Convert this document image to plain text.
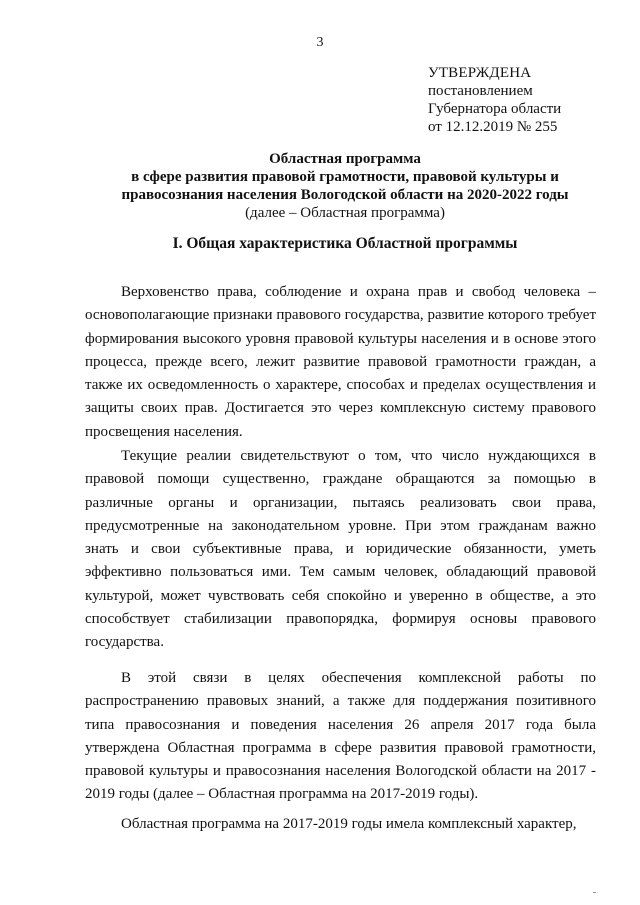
3
УТВЕРЖДЕНА
постановлением
Губернатора области
от 12.12.2019 № 255
Областная программа
в сфере развития правовой грамотности, правовой культуры и
правосознания населения Вологодской области на 2020-2022 годы
(далее – Областная программа)
I. Общая характеристика Областной программы

Верховенство права, соблюдение и охрана прав и свобод человека – основополагающие признаки правового государства, развитие которого требует формирования высокого уровня правовой культуры населения и в основе этого процесса, прежде всего, лежит развитие правовой грамотности граждан, а также их осведомленность о характере, способах и пределах осуществления и защиты своих прав. Достигается это через комплексную систему правового просвещения населения.

Текущие реалии свидетельствуют о том, что число нуждающихся в правовой помощи существенно, граждане обращаются за помощью в различные органы и организации, пытаясь реализовать свои права, предусмотренные на законодательном уровне. При этом гражданам важно знать и свои субъективные права, и юридические обязанности, уметь эффективно пользоваться ими. Тем самым человек, обладающий правовой культурой, может чувствовать себя спокойно и уверенно в обществе, а это способствует стабилизации правопорядка, формируя основы правового государства.

В этой связи в целях обеспечения комплексной работы по распространению правовых знаний, а также для поддержания позитивного типа правосознания и поведения населения 26 апреля 2017 года была утверждена Областная программа в сфере развития правовой грамотности, правовой культуры и правосознания населения Вологодской области на 2017 - 2019 годы (далее – Областная программа на 2017-2019 годы).

Областная программа на 2017-2019 годы имела комплексный характер,
